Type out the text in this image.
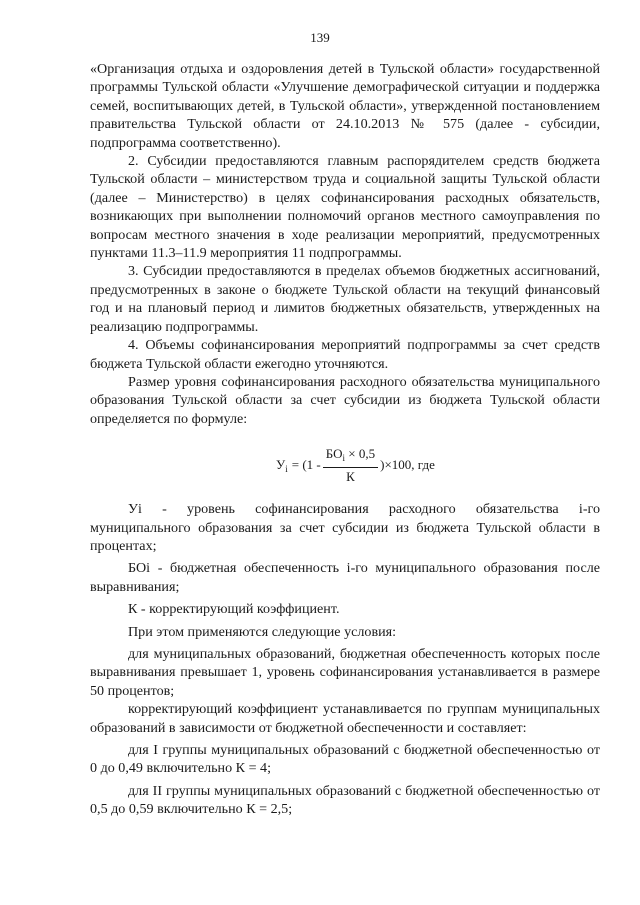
139

«Организация отдыха и оздоровления детей в Тульской области» государственной программы Тульской области «Улучшение демографической ситуации и поддержка семей, воспитывающих детей, в Тульской области», утвержденной постановлением правительства Тульской области от 24.10.2013 № 575 (далее - субсидии, подпрограмма соответственно).

2. Субсидии предоставляются главным распорядителем средств бюджета Тульской области – министерством труда и социальной защиты Тульской области (далее – Министерство) в целях софинансирования расходных обязательств, возникающих при выполнении полномочий органов местного самоуправления по вопросам местного значения в ходе реализации мероприятий, предусмотренных пунктами 11.3–11.9 мероприятия 11 подпрограммы.

3. Субсидии предоставляются в пределах объемов бюджетных ассигнований, предусмотренных в законе о бюджете Тульской области на текущий финансовый год и на плановый период и лимитов бюджетных обязательств, утвержденных на реализацию подпрограммы.

4. Объемы софинансирования мероприятий подпрограммы за счет средств бюджета Тульской области ежегодно уточняются.

Размер уровня софинансирования расходного обязательства муниципального образования Тульской области за счет субсидии из бюджета Тульской области определяется по формуле:

$У_i = (1 - \frac{БО_i \times 0,5}{К} )\times 100$, где

Уi - уровень софинансирования расходного обязательства i-го муниципального образования за счет субсидии из бюджета Тульской области в процентах;

БОi - бюджетная обеспеченность i-го муниципального образования после выравнивания;

К - корректирующий коэффициент.

При этом применяются следующие условия:

для муниципальных образований, бюджетная обеспеченность которых после выравнивания превышает 1, уровень софинансирования устанавливается в размере 50 процентов;

корректирующий коэффициент устанавливается по группам муниципальных образований в зависимости от бюджетной обеспеченности и составляет:

для I группы муниципальных образований с бюджетной обеспеченностью от 0 до 0,49 включительно К = 4;

для II группы муниципальных образований с бюджетной обеспеченностью от 0,5 до 0,59 включительно К = 2,5;
